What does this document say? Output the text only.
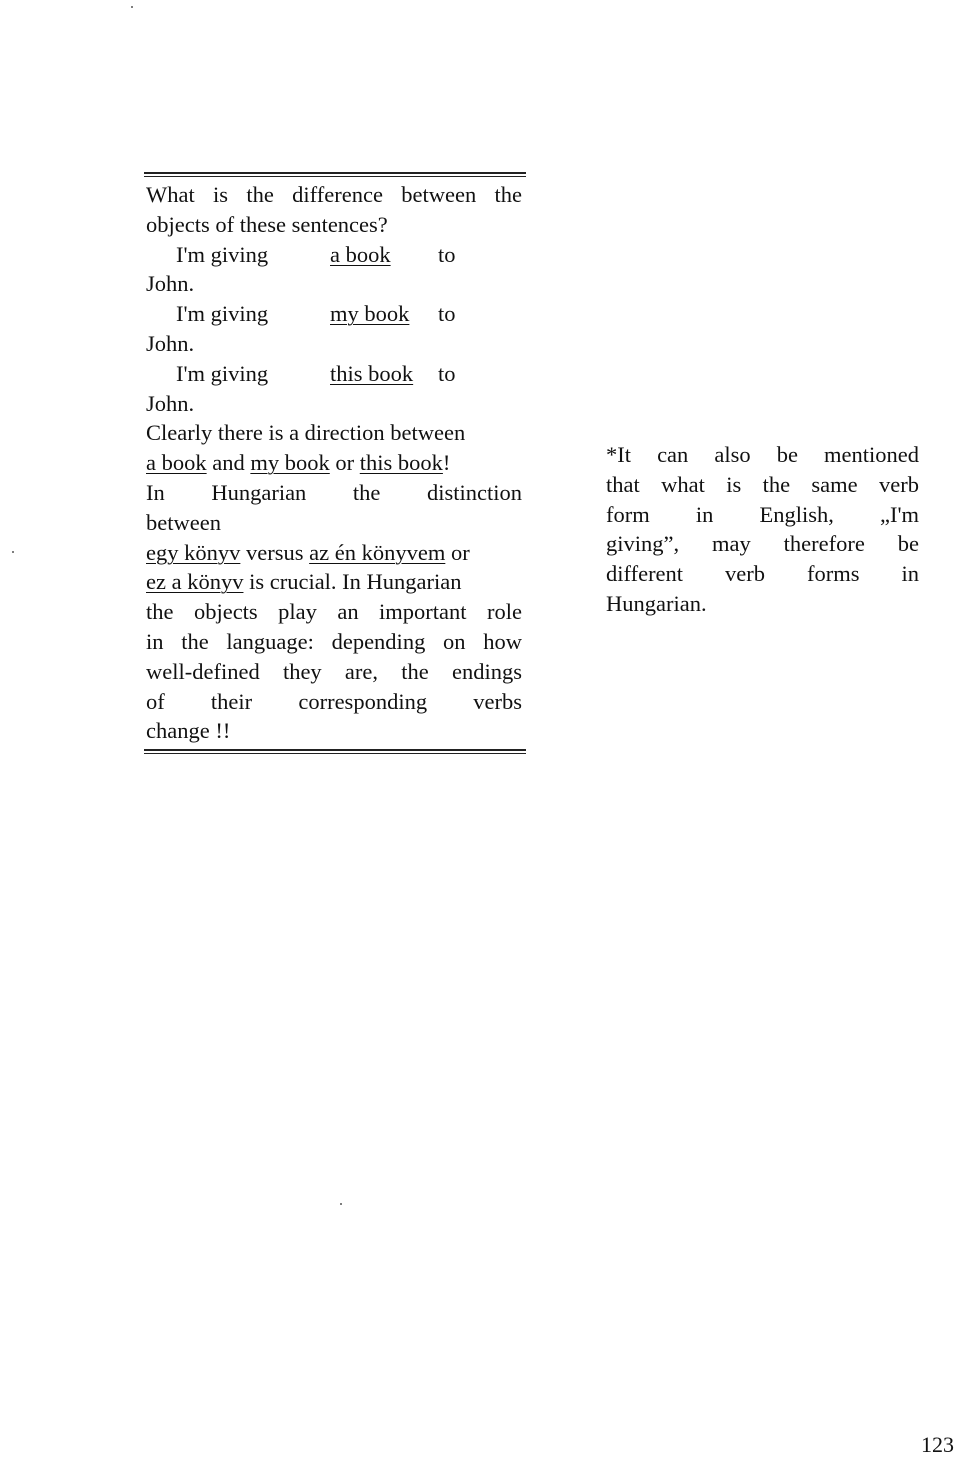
What is the difference between the
objects of these sentences?
I'm giving	a book to
John.
I'm giving	my book to
John.
I'm giving	this book to
John.
Clearly there is a direction between
a book and my book or this book!
In Hungarian the distinction
between
egy könyv versus az én könyvem or
ez a könyv is crucial. In Hungarian
the objects play an important role
in the language: depending on how
well-defined they are, the endings
of their corresponding verbs
change !!
*It can also be mentioned
that what is the same verb
form in English, „I'm
giving”, may therefore be
different verb forms in
Hungarian.
123
